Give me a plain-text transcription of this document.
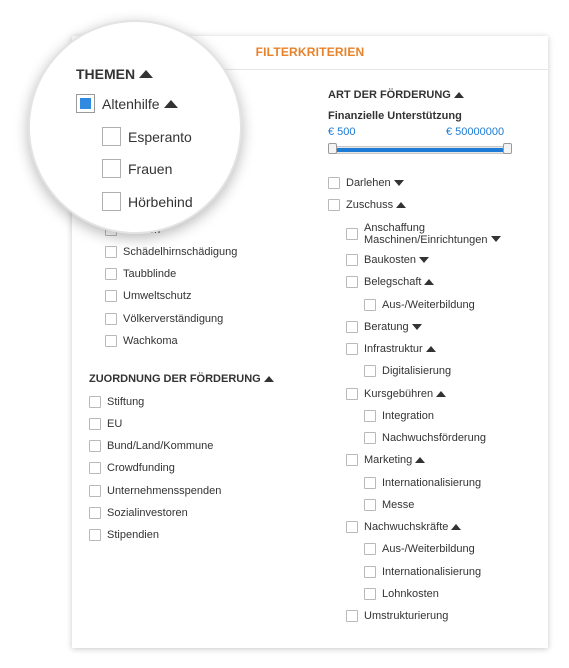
FILTERKRITERIEN
Schädelhirnschädigung
Taubblinde
Umweltschutz
Völkerverständigung
Wachkoma
ZUORDNUNG DER FÖRDERUNG
Stiftung
EU
Bund/Land/Kommune
Crowdfunding
Unternehmensspenden
Sozialinvestoren
Stipendien
ART DER FÖRDERUNG
Finanzielle Unterstützung
€ 500	€ 50000000
Darlehen
Zuschuss
Anschaffung
Maschinen/Einrichtungen
Baukosten
Belegschaft
Aus-/Weiterbildung
Beratung
Infrastruktur
Digitalisierung
Kursgebühren
Integration
Nachwuchsförderung
Marketing
Internationalisierung
Messe
Nachwuchskräfte
Aus-/Weiterbildung
Internationalisierung
Lohnkosten
Umstrukturierung
THEMEN
Altenhilfe
Esperanto
Frauen
Hörbehind
